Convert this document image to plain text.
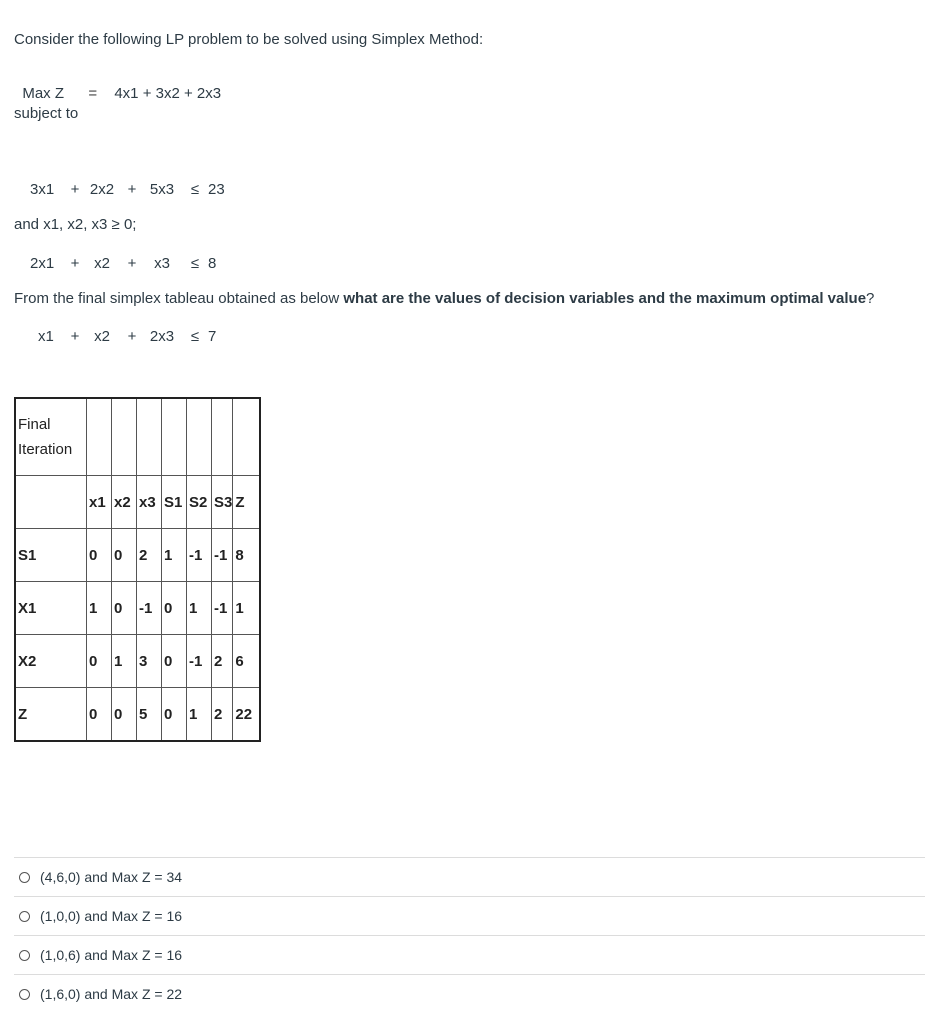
Consider the following LP problem to be solved using Simplex Method:

Max Z = 4x1 + 3x2 + 2x3

subject to

3x1	+ 2x2 + 5x3	≤ 23

2x1	+ x2	+	x3	≤ 8

x1	+ x2	+ 2x3	≤ 7

and x1, x2, x3 ≥ 0;
From the final simplex tableau obtained as below what are the values of decision variables and the maximum optimal value?
Final
Iteration							

	x1	x2	x3	S1	S2	S3	Z
S1	0	0	2	1	-1	-1	8
X1	1	0	-1	0	1	-1	1
X2	0	1	3	0	-1	2	6
Z	0	0	5	0	1	2	22
(4,6,0) and Max Z = 34
(1,0,0) and Max Z = 16
(1,0,6) and Max Z = 16
(1,6,0) and Max Z = 22
